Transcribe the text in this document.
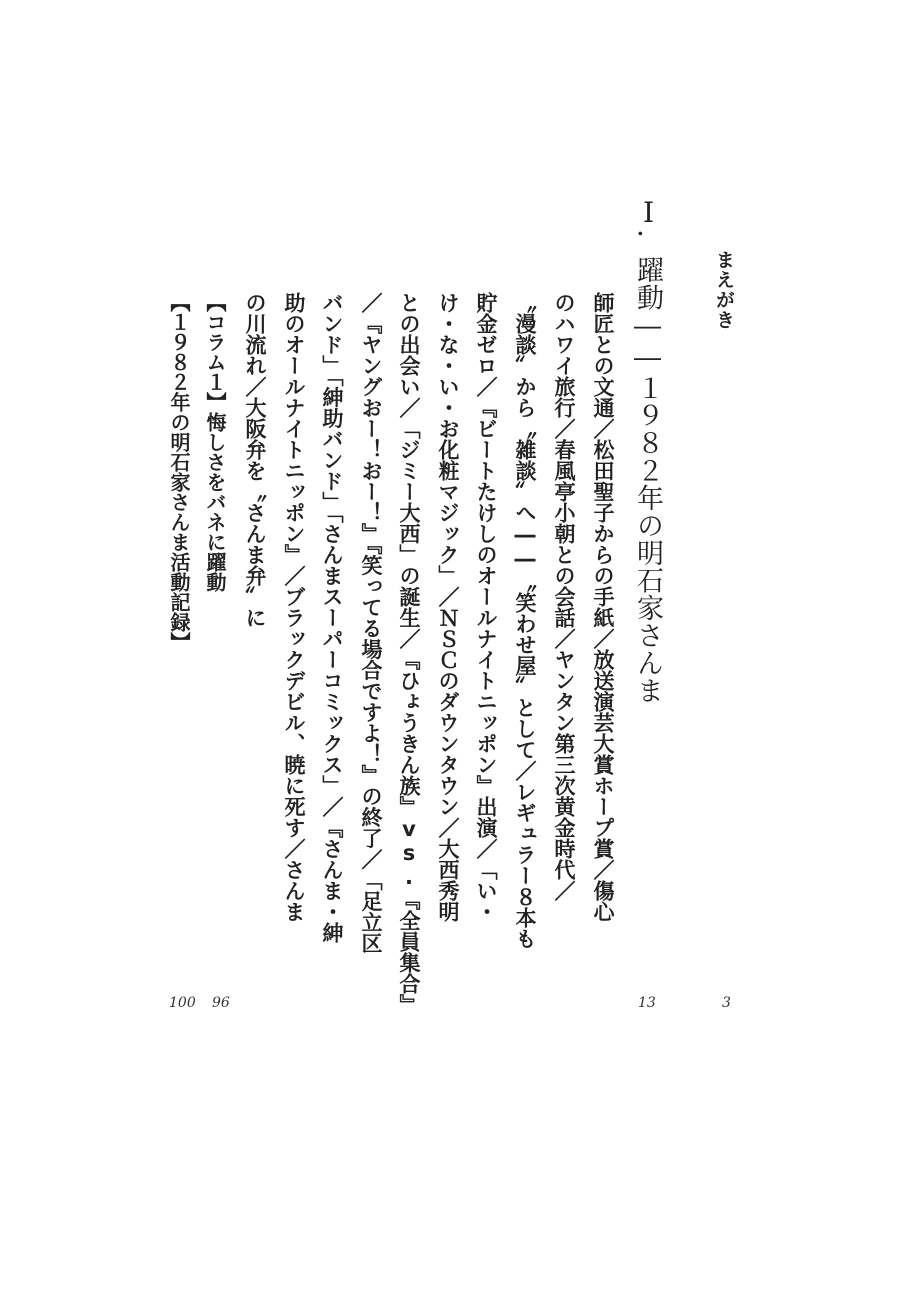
まえがき
Ⅰ.
躍動――１９８２年の明石家さんま
師匠との文通／松田聖子からの手紙／放送演芸大賞ホープ賞／傷心
のハワイ旅行／春風亭小朝との会話／ヤンタン第三次黄金時代／
〝漫談〟から〝雑談〟へ――〝笑わせ屋〟として／レギュラー８本も
貯金ゼロ／『ビートたけしのオールナイトニッポン』出演／「い・
け・な・い・お化粧マジック」／ＮＳＣのダウンタウン／大西秀明
との出会い／「ジミー大西」の誕生／『ひょうきん族』vs.『全員集合』
／『ヤングおー！おー！』『笑ってる場合ですよ！』の終了／「足立区
バンド」「紳助バンド」「さんまスーパーコミックス」／『さんま・紳
助のオールナイトニッポン』／ブラックデビル、暁に死す／さんま
の川流れ／大阪弁を〝さんま弁〟に
【コラム１】悔しさをバネに躍動
【１９８２年の明石家さんま活動記録】
3
13
96
100
